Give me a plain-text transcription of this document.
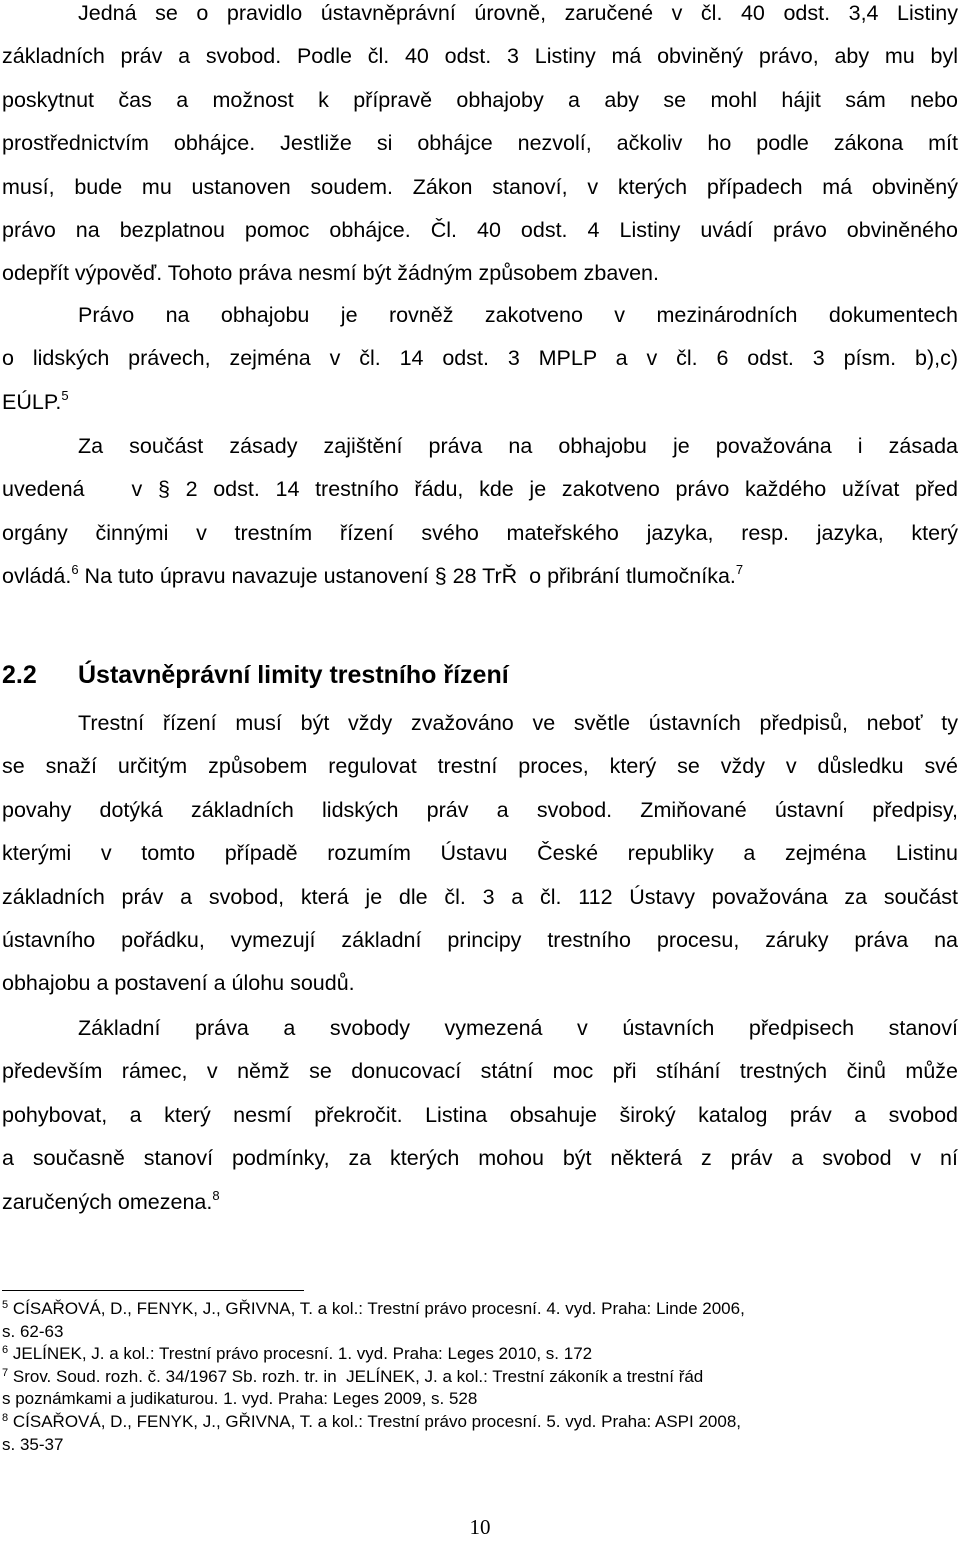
Jedná se o pravidlo ústavněprávní úrovně, zaručené v čl. 40 odst. 3,4 Listiny
základních práv a svobod. Podle čl. 40 odst. 3 Listiny má obviněný právo, aby mu byl
poskytnut čas a možnost k přípravě obhajoby a aby se mohl hájit sám nebo
prostřednictvím obhájce. Jestliže si obhájce nezvolí, ačkoliv ho podle zákona mít
musí, bude mu ustanoven soudem. Zákon stanoví, v kterých případech má obviněný
právo na bezplatnou pomoc obhájce. Čl. 40 odst. 4 Listiny uvádí právo obviněného
odepřít výpověď. Tohoto práva nesmí být žádným způsobem zbaven.
Právo na obhajobu je rovněž zakotveno v mezinárodních dokumentech
o lidských právech, zejména v čl. 14 odst. 3 MPLP a v čl. 6 odst. 3 písm. b),c)
EÚLP.$^5$
Za součást zásady zajištění práva na obhajobu je považována i zásada
uvedená   v § 2 odst. 14 trestního řádu, kde je zakotveno právo každého užívat před
orgány činnými v trestním řízení svého mateřského jazyka, resp. jazyka, který
ovládá.$^6$ Na tuto úpravu navazuje ustanovení § 28 TrŘ  o přibrání tlumočníka.$^7$
2.2 Ústavněprávní limity trestního řízení
Trestní řízení musí být vždy zvažováno ve světle ústavních předpisů, neboť ty
se snaží určitým způsobem regulovat trestní proces, který se vždy v důsledku své
povahy dotýká základních lidských práv a svobod. Zmiňované ústavní předpisy,
kterými v tomto případě rozumím Ústavu České republiky a zejména Listinu
základních práv a svobod, která je dle čl. 3 a čl. 112 Ústavy považována za součást
ústavního pořádku, vymezují základní principy trestního procesu, záruky práva na
obhajobu a postavení a úlohu soudů.
Základní práva a svobody vymezená v ústavních předpisech stanoví
především rámec, v němž se donucovací státní moc při stíhání trestných činů může
pohybovat, a který nesmí překročit. Listina obsahuje široký katalog práv a svobod
a současně stanoví podmínky, za kterých mohou být některá z práv a svobod v ní
zaručených omezena.$^8$
$^5$ CÍSAŘOVÁ, D., FENYK, J., GŘIVNA, T. a kol.: Trestní právo procesní. 4. vyd. Praha: Linde 2006,
s. 62-63
$^6$ JELÍNEK, J. a kol.: Trestní právo procesní. 1. vyd. Praha: Leges 2010, s. 172
$^7$ Srov. Soud. rozh. č. 34/1967 Sb. rozh. tr. in  JELÍNEK, J. a kol.: Trestní zákoník a trestní řád
s poznámkami a judikaturou. 1. vyd. Praha: Leges 2009, s. 528
$^8$ CÍSAŘOVÁ, D., FENYK, J., GŘIVNA, T. a kol.: Trestní právo procesní. 5. vyd. Praha: ASPI 2008,
s. 35-37
10
